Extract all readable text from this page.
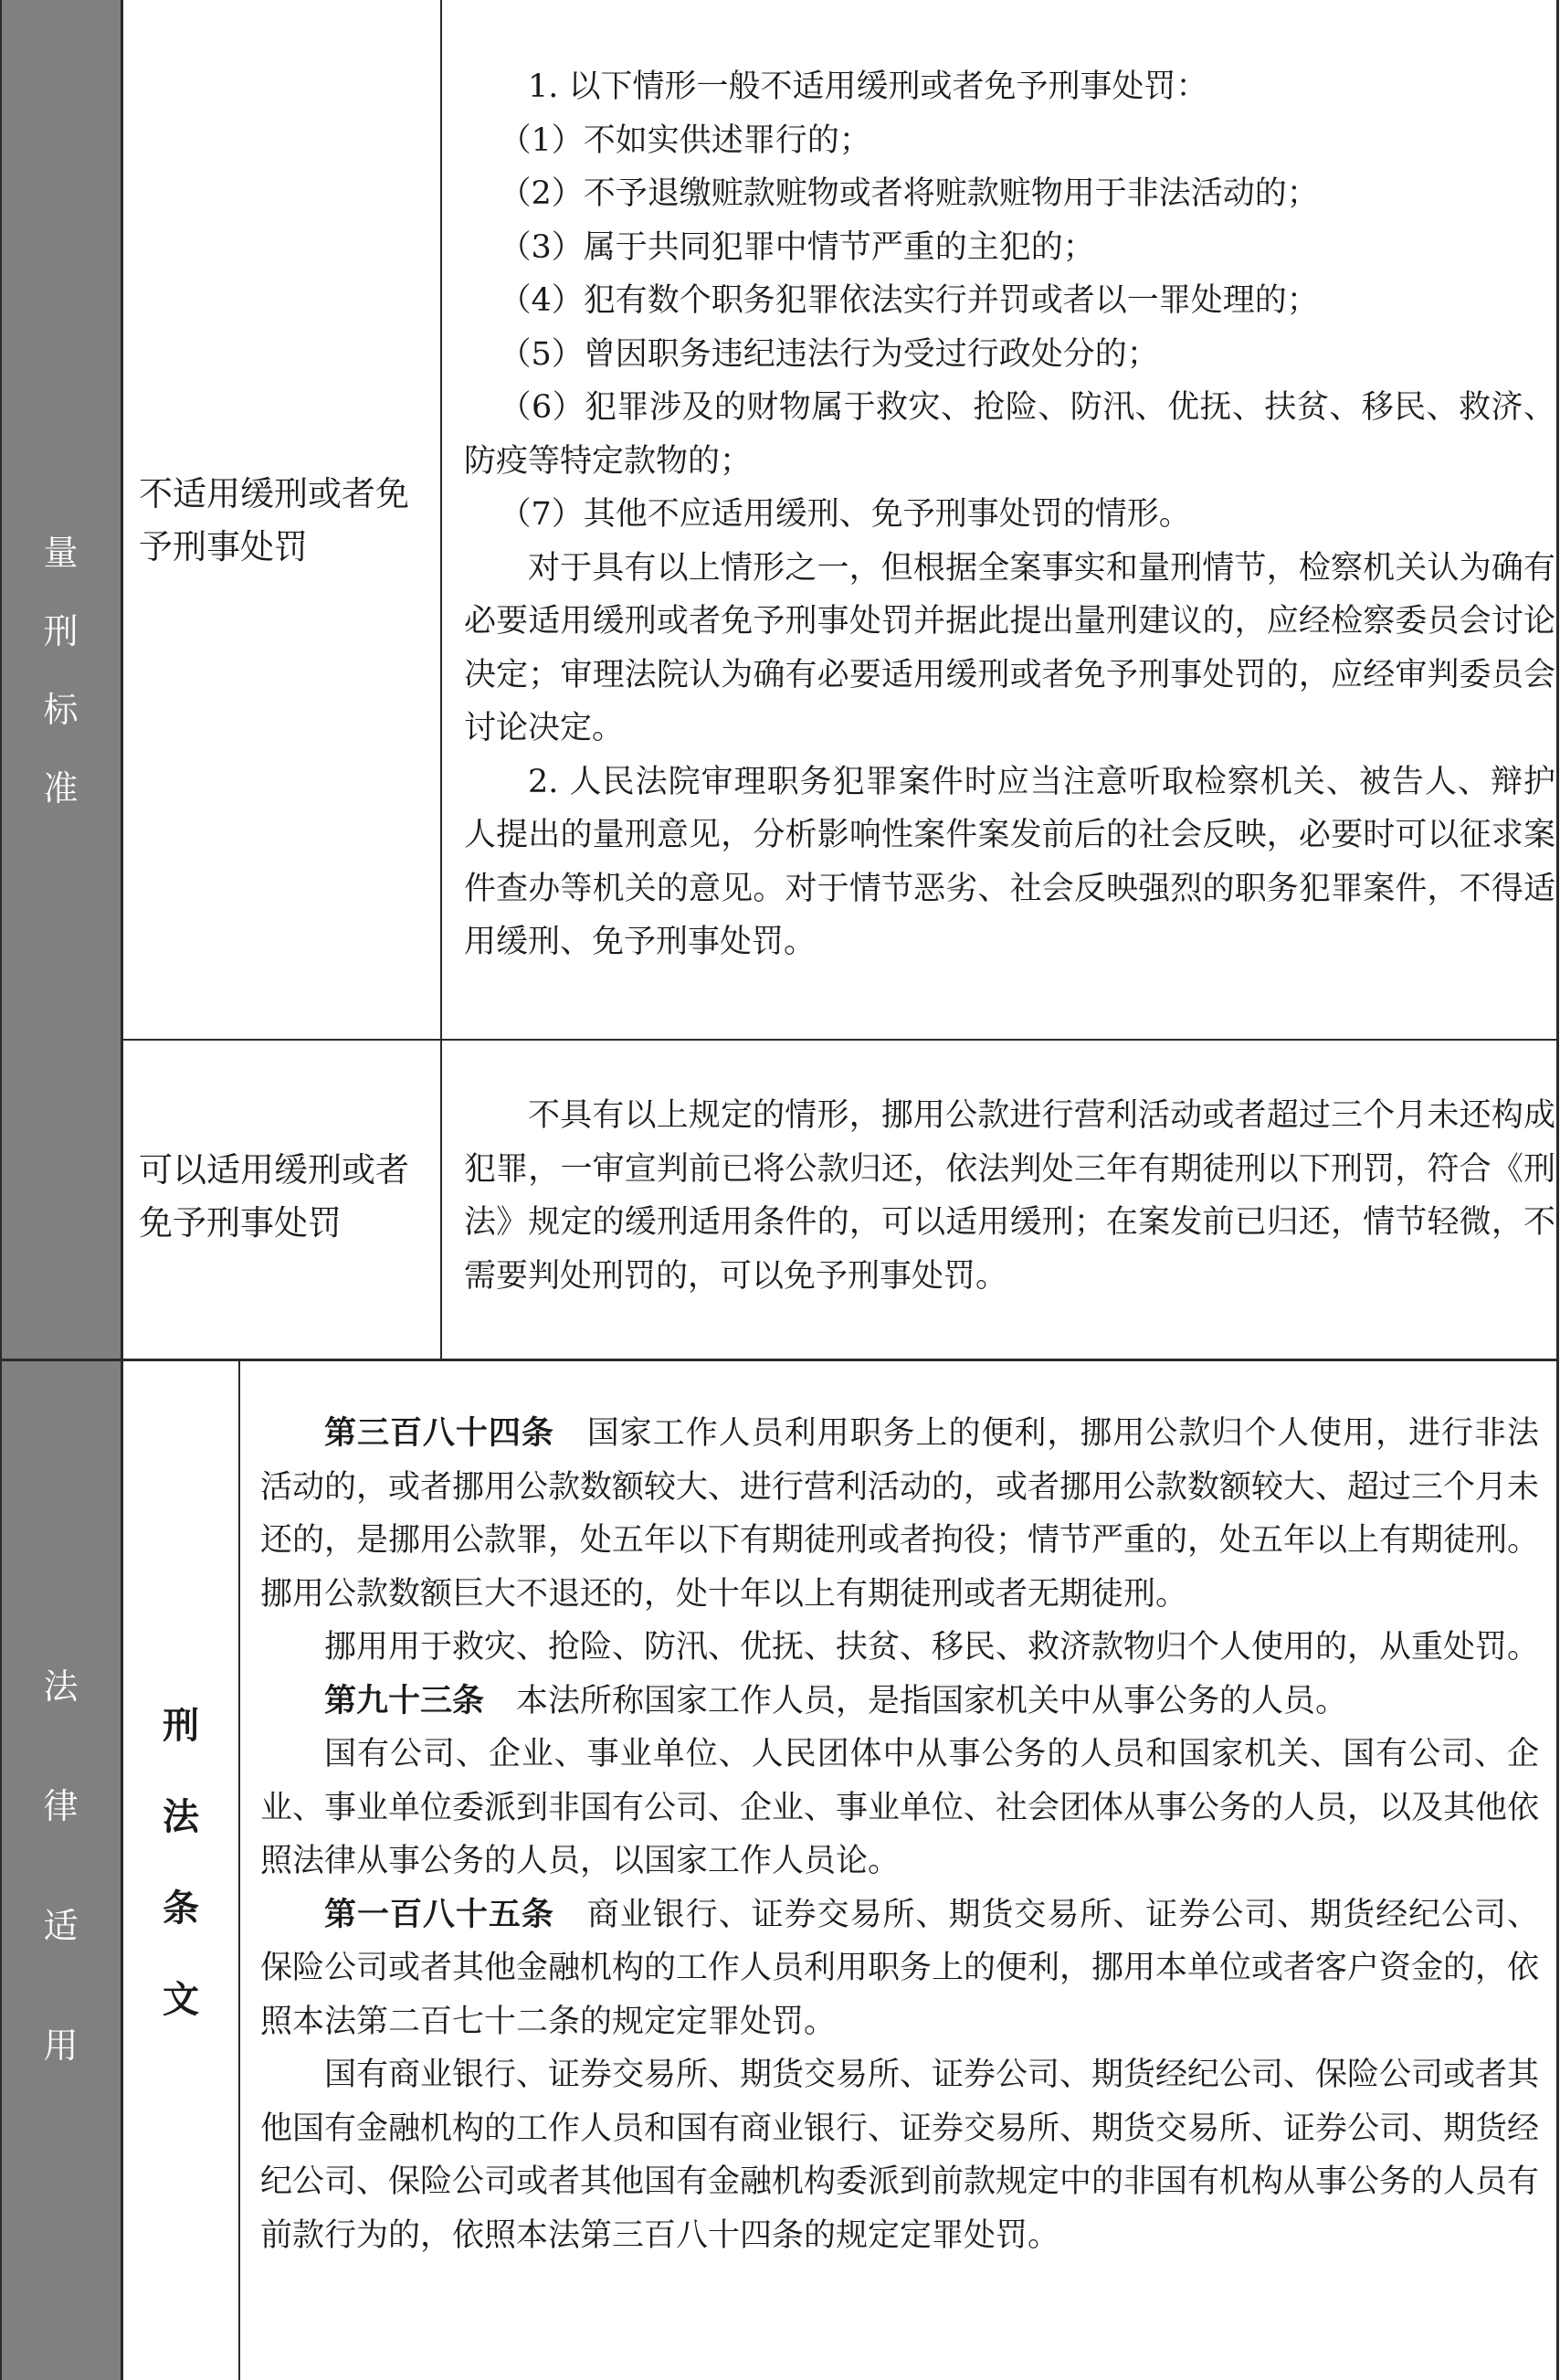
量
刑
标
准
法
律
适
用
不适用缓刑或者免予刑事处罚

1. 以下情形一般不适用缓刑或者免予刑事处罚：

（1）不如实供述罪行的；

（2）不予退缴赃款赃物或者将赃款赃物用于非法活动的；

（3）属于共同犯罪中情节严重的主犯的；

（4）犯有数个职务犯罪依法实行并罚或者以一罪处理的；

（5）曾因职务违纪违法行为受过行政处分的；

（6）犯罪涉及的财物属于救灾、抢险、防汛、优抚、扶贫、移民、救济、防疫等特定款物的；

（7）其他不应适用缓刑、免予刑事处罚的情形。

对于具有以上情形之一，但根据全案事实和量刑情节，检察机关认为确有必要适用缓刑或者免予刑事处罚并据此提出量刑建议的，应经检察委员会讨论决定；审理法院认为确有必要适用缓刑或者免予刑事处罚的，应经审判委员会讨论决定。

2. 人民法院审理职务犯罪案件时应当注意听取检察机关、被告人、辩护人提出的量刑意见，分析影响性案件案发前后的社会反映，必要时可以征求案件查办等机关的意见。对于情节恶劣、社会反映强烈的职务犯罪案件，不得适用缓刑、免予刑事处罚。

可以适用缓刑或者免予刑事处罚

不具有以上规定的情形，挪用公款进行营利活动或者超过三个月未还构成犯罪，一审宣判前已将公款归还，依法判处三年有期徒刑以下刑罚，符合《刑法》规定的缓刑适用条件的，可以适用缓刑；在案发前已归还，情节轻微，不需要判处刑罚的，可以免予刑事处罚。

刑
法
条
文

第三百八十四条　 国家工作人员利用职务上的便利，挪用公款归个人使用，进行非法活动的，或者挪用公款数额较大、进行营利活动的，或者挪用公款数额较大、超过三个月未还的，是挪用公款罪，处五年以下有期徒刑或者拘役；情节严重的，处五年以上有期徒刑。挪用公款数额巨大不退还的，处十年以上有期徒刑或者无期徒刑。

挪用用于救灾、抢险、防汛、优抚、扶贫、移民、救济款物归个人使用的，从重处罚。

第九十三条　 本法所称国家工作人员，是指国家机关中从事公务的人员。

国有公司、企业、事业单位、人民团体中从事公务的人员和国家机关、国有公司、企业、事业单位委派到非国有公司、企业、事业单位、社会团体从事公务的人员，以及其他依照法律从事公务的人员，以国家工作人员论。

第一百八十五条　 商业银行、证券交易所、期货交易所、证券公司、期货经纪公司、保险公司或者其他金融机构的工作人员利用职务上的便利，挪用本单位或者客户资金的，依照本法第二百七十二条的规定定罪处罚。

国有商业银行、证券交易所、期货交易所、证券公司、期货经纪公司、保险公司或者其他国有金融机构的工作人员和国有商业银行、证券交易所、期货交易所、证券公司、期货经纪公司、保险公司或者其他国有金融机构委派到前款规定中的非国有机构从事公务的人员有前款行为的，依照本法第三百八十四条的规定定罪处罚。
